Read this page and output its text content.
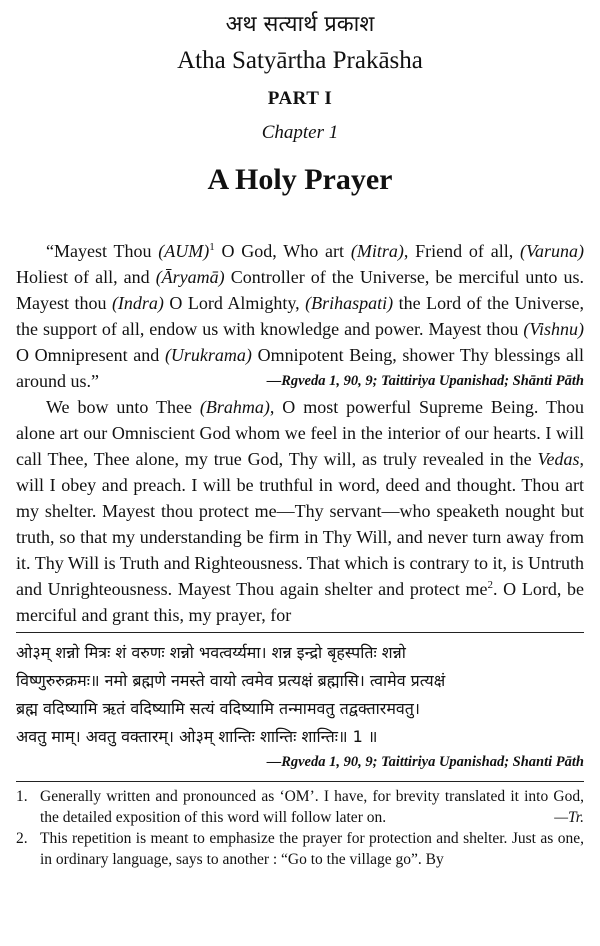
अथ सत्यार्थ प्रकाश
Atha Satyārtha Prakāsha
PART I
Chapter 1
A Holy Prayer

“Mayest Thou (AUM)$^1$ O God, Who art (Mitra), Friend of all, (Varuna) Holiest of all, and (Āryamā) Controller of the Universe, be merciful unto us. Mayest thou (Indra) O Lord Almighty, (Brihaspati) the Lord of the Universe, the support of all, endow us with knowledge and power. Mayest thou (Vishnu) O Omnipresent and (Urukrama) Omnipotent Being, shower Thy blessings all around us.”	—Rgveda 1, 90, 9; Taittiriya Upanishad; Shānti Pāth

We bow unto Thee (Brahma), O most powerful Supreme Being. Thou alone art our Omniscient God whom we feel in the interior of our hearts. I will call Thee, Thee alone, my true God, Thy will, as truly revealed in the Vedas, will I obey and preach. I will be truthful in word, deed and thought. Thou art my shelter. Mayest thou protect me—Thy servant—who speaketh nought but truth, so that my understanding be firm in Thy Will, and never turn away from it. Thy Will is Truth and Righteousness. That which is contrary to it, is Untruth and Unrighteousness. Mayest Thou again shelter and protect $me^2$. O Lord, be merciful and grant this, my prayer, for

ओ३म् शन्नो मित्रः शं वरुणः शन्नो भवत्वर्य्यमा। शन्न इन्द्रो बृहस्पतिः शन्नो
विष्णुरुरुक्रमः॥ नमो ब्रह्मणे नमस्ते वायो त्वमेव प्रत्यक्षं ब्रह्मासि। त्वामेव प्रत्यक्षं
ब्रह्म वदिष्यामि ऋतं वदिष्यामि सत्यं वदिष्यामि तन्मामवतु तद्वक्तारमवतु।
अवतु माम्। अवतु वक्तारम्। ओ३म् शान्तिः शान्तिः शान्तिः॥ 1 ॥
—Rgveda 1, 90, 9; Taittiriya Upanishad; Shanti Pāth
1. Generally written and pronounced as ‘OM’. I have, for brevity translated it into God, the detailed exposition of this word will follow later on.	—Tr.
2. This repetition is meant to emphasize the prayer for protection and shelter. Just as one, in ordinary language, says to another : “Go to the village go”. By
